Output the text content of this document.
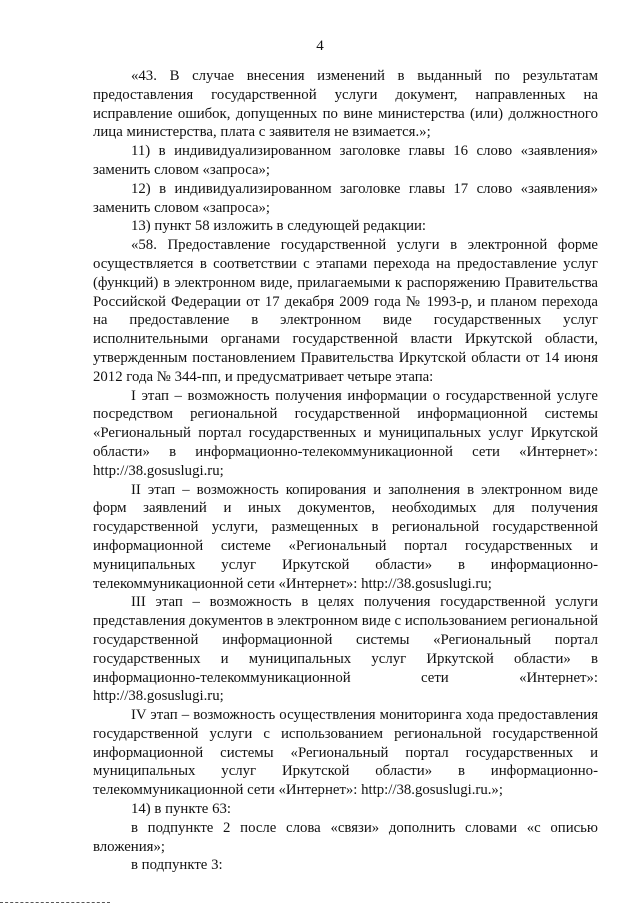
4

«43. В случае внесения изменений в выданный по результатам предоставления государственной услуги документ, направленных на исправление ошибок, допущенных по вине министерства (или) должностного лица министерства, плата с заявителя не взимается.»;

11) в индивидуализированном заголовке главы 16 слово «заявления» заменить словом «запроса»;

12) в индивидуализированном заголовке главы 17 слово «заявления» заменить словом «запроса»;

13) пункт 58 изложить в следующей редакции:

«58. Предоставление государственной услуги в электронной форме осуществляется в соответствии с этапами перехода на предоставление услуг (функций) в электронном виде, прилагаемыми к распоряжению Правительства Российской Федерации от 17 декабря 2009 года № 1993-р, и планом перехода на предоставление в электронном виде государственных услуг исполнительными органами государственной власти Иркутской области, утвержденным постановлением Правительства Иркутской области от 14 июня 2012 года № 344-пп, и предусматривает четыре этапа:

I этап – возможность получения информации о государственной услуге посредством региональной государственной информационной системы «Региональный портал государственных и муниципальных услуг Иркутской области» в информационно-телекоммуникационной сети «Интернет»: http://38.gosuslugi.ru;

II этап – возможность копирования и заполнения в электронном виде форм заявлений и иных документов, необходимых для получения государственной услуги, размещенных в региональной государственной информационной системе «Региональный портал государственных и муниципальных услуг Иркутской области» в информационно-телекоммуникационной сети «Интернет»: http://38.gosuslugi.ru;

III этап – возможность в целях получения государственной услуги представления документов в электронном виде с использованием региональной государственной информационной системы «Региональный портал государственных и муниципальных услуг Иркутской области» в информационно-телекоммуникационной сети «Интернет»: http://38.gosuslugi.ru;

IV этап – возможность осуществления мониторинга хода предоставления государственной услуги с использованием региональной государственной информационной системы «Региональный портал государственных и муниципальных услуг Иркутской области» в информационно-телекоммуникационной сети «Интернет»: http://38.gosuslugi.ru.»;

14) в пункте 63:

в подпункте 2 после слова «связи» дополнить словами «с описью вложения»;

в подпункте 3:
